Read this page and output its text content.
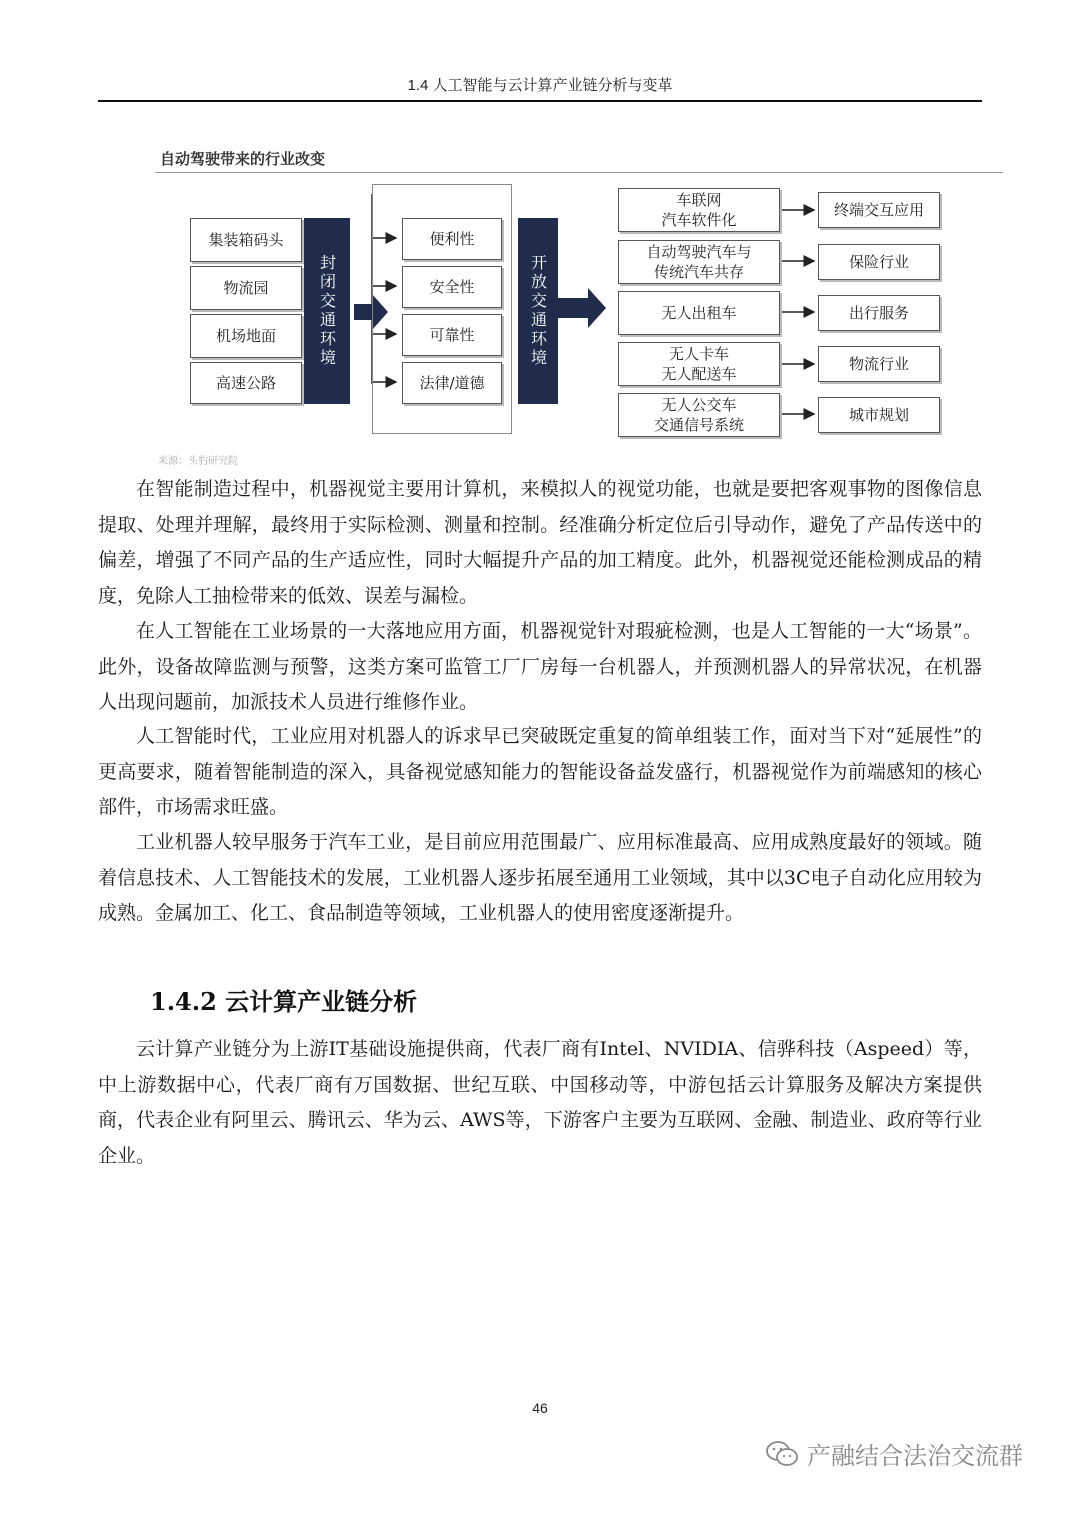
1.4 人工智能与云计算产业链分析与变革
自动驾驶带来的行业改变
集装箱码头
物流园
机场地面
高速公路
封闭交通环境
便利性
安全性
可靠性
法律/道德
开放交通环境
车联网
汽车软件化
自动驾驶汽车与
传统汽车共存
无人出租车
无人卡车
无人配送车
无人公交车
交通信号系统
终端交互应用
保险行业
出行服务
物流行业
城市规划
来源：头豹研究院

在智能制造过程中，机器视觉主要用计算机，来模拟人的视觉功能，也就是要把客观事物的图像信息提取、处理并理解，最终用于实际检测、测量和控制。经准确分析定位后引导动作，避免了产品传送中的偏差，增强了不同产品的生产适应性，同时大幅提升产品的加工精度。此外，机器视觉还能检测成品的精度，免除人工抽检带来的低效、误差与漏检。

在人工智能在工业场景的一大落地应用方面，机器视觉针对瑕疵检测，也是人工智能的一大“场景”。此外，设备故障监测与预警，这类方案可监管工厂厂房每一台机器人，并预测机器人的异常状况，在机器人出现问题前，加派技术人员进行维修作业。

人工智能时代，工业应用对机器人的诉求早已突破既定重复的简单组装工作，面对当下对“延展性”的更高要求，随着智能制造的深入，具备视觉感知能力的智能设备益发盛行，机器视觉作为前端感知的核心部件，市场需求旺盛。

工业机器人较早服务于汽车工业，是目前应用范围最广、应用标准最高、应用成熟度最好的领域。随着信息技术、人工智能技术的发展，工业机器人逐步拓展至通用工业领域，其中以3C电子自动化应用较为成熟。金属加工、化工、食品制造等领域，工业机器人的使用密度逐渐提升。

1.4.2 云计算产业链分析

云计算产业链分为上游IT基础设施提供商，代表厂商有Intel、NVIDIA、信骅科技（Aspeed）等，中上游数据中心，代表厂商有万国数据、世纪互联、中国移动等，中游包括云计算服务及解决方案提供商，代表企业有阿里云、腾讯云、华为云、AWS等，下游客户主要为互联网、金融、制造业、政府等行业企业。

46
产融结合法治交流群
